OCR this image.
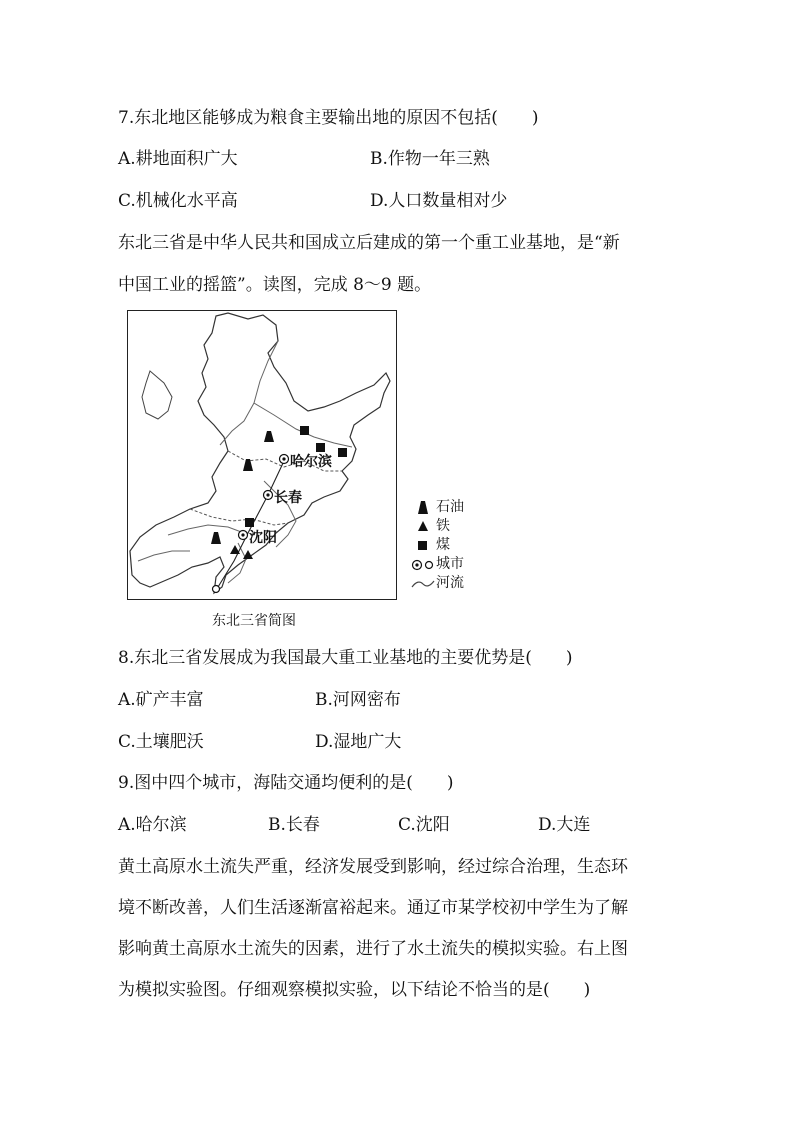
7.东北地区能够成为粮食主要输出地的原因不包括(　　)
A.耕地面积广大	B.作物一年三熟
C.机械化水平高	D.人口数量相对少
东北三省是中华人民共和国成立后建成的第一个重工业基地，是“新
中国工业的摇篮”。读图，完成 8～9 题。
哈尔滨
长春
沈阳
石油
铁
煤
城市
河流
东北三省简图
8.东北三省发展成为我国最大重工业基地的主要优势是(　　)
A.矿产丰富	B.河网密布
C.土壤肥沃	D.湿地广大
9.图中四个城市，海陆交通均便利的是(　　)
A.哈尔滨	B.长春	C.沈阳	D.大连
黄土高原水土流失严重，经济发展受到影响，经过综合治理，生态环
境不断改善，人们生活逐渐富裕起来。通辽市某学校初中学生为了解
影响黄土高原水土流失的因素，进行了水土流失的模拟实验。右上图
为模拟实验图。仔细观察模拟实验，以下结论不恰当的是(　　)
